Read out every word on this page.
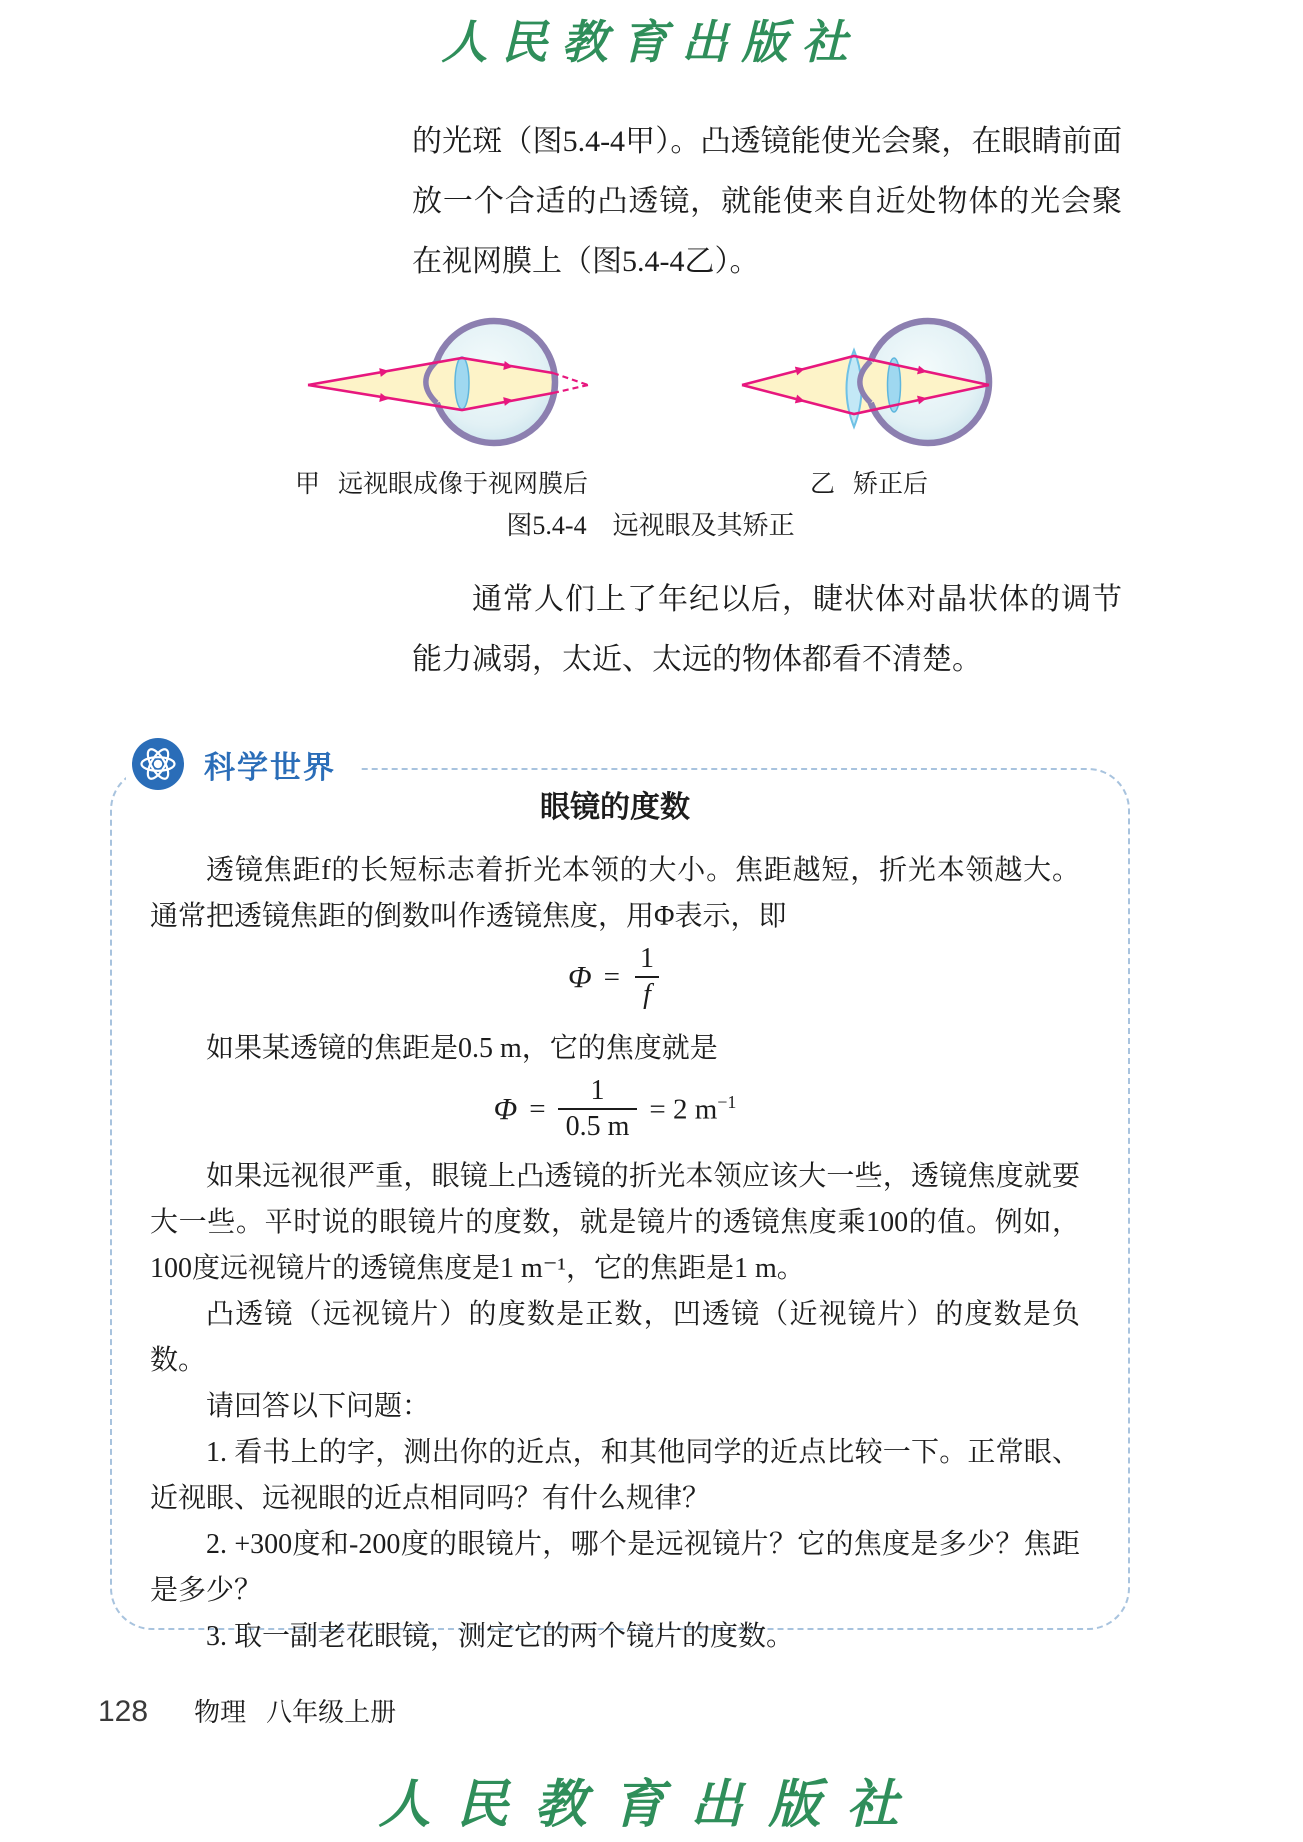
人民教育出版社
的光斑（图5.4-4甲）。凸透镜能使光会聚，在眼睛前面放一个合适的凸透镜，就能使来自近处物体的光会聚在视网膜上（图5.4-4乙）。
甲 远视眼成像于视网膜后	乙 矫正后
图5.4-4　远视眼及其矫正
通常人们上了年纪以后，睫状体对晶状体的调节能力减弱，太近、太远的物体都看不清楚。
眼镜的度数

透镜焦距f的长短标志着折光本领的大小。焦距越短，折光本领越大。通常把透镜焦距的倒数叫作透镜焦度，用Φ表示，即

$\Phi = \frac{1}{f}$

如果某透镜的焦距是0.5 m，它的焦度就是

$\Phi = \frac{1}{0.5 m} = 2$ $m^{-1}$

如果远视很严重，眼镜上凸透镜的折光本领应该大一些，透镜焦度就要大一些。平时说的眼镜片的度数，就是镜片的透镜焦度乘100的值。例如，100度远视镜片的透镜焦度是1 m⁻¹，它的焦距是1 m。

凸透镜（远视镜片）的度数是正数，凹透镜（近视镜片）的度数是负数。

请回答以下问题：

1. 看书上的字，测出你的近点，和其他同学的近点比较一下。正常眼、近视眼、远视眼的近点相同吗？有什么规律？

2. +300度和-200度的眼镜片，哪个是远视镜片？它的焦度是多少？焦距是多少？

3. 取一副老花眼镜，测定它的两个镜片的度数。

科学世界
128 物理 八年级上册
人民教育出版社
